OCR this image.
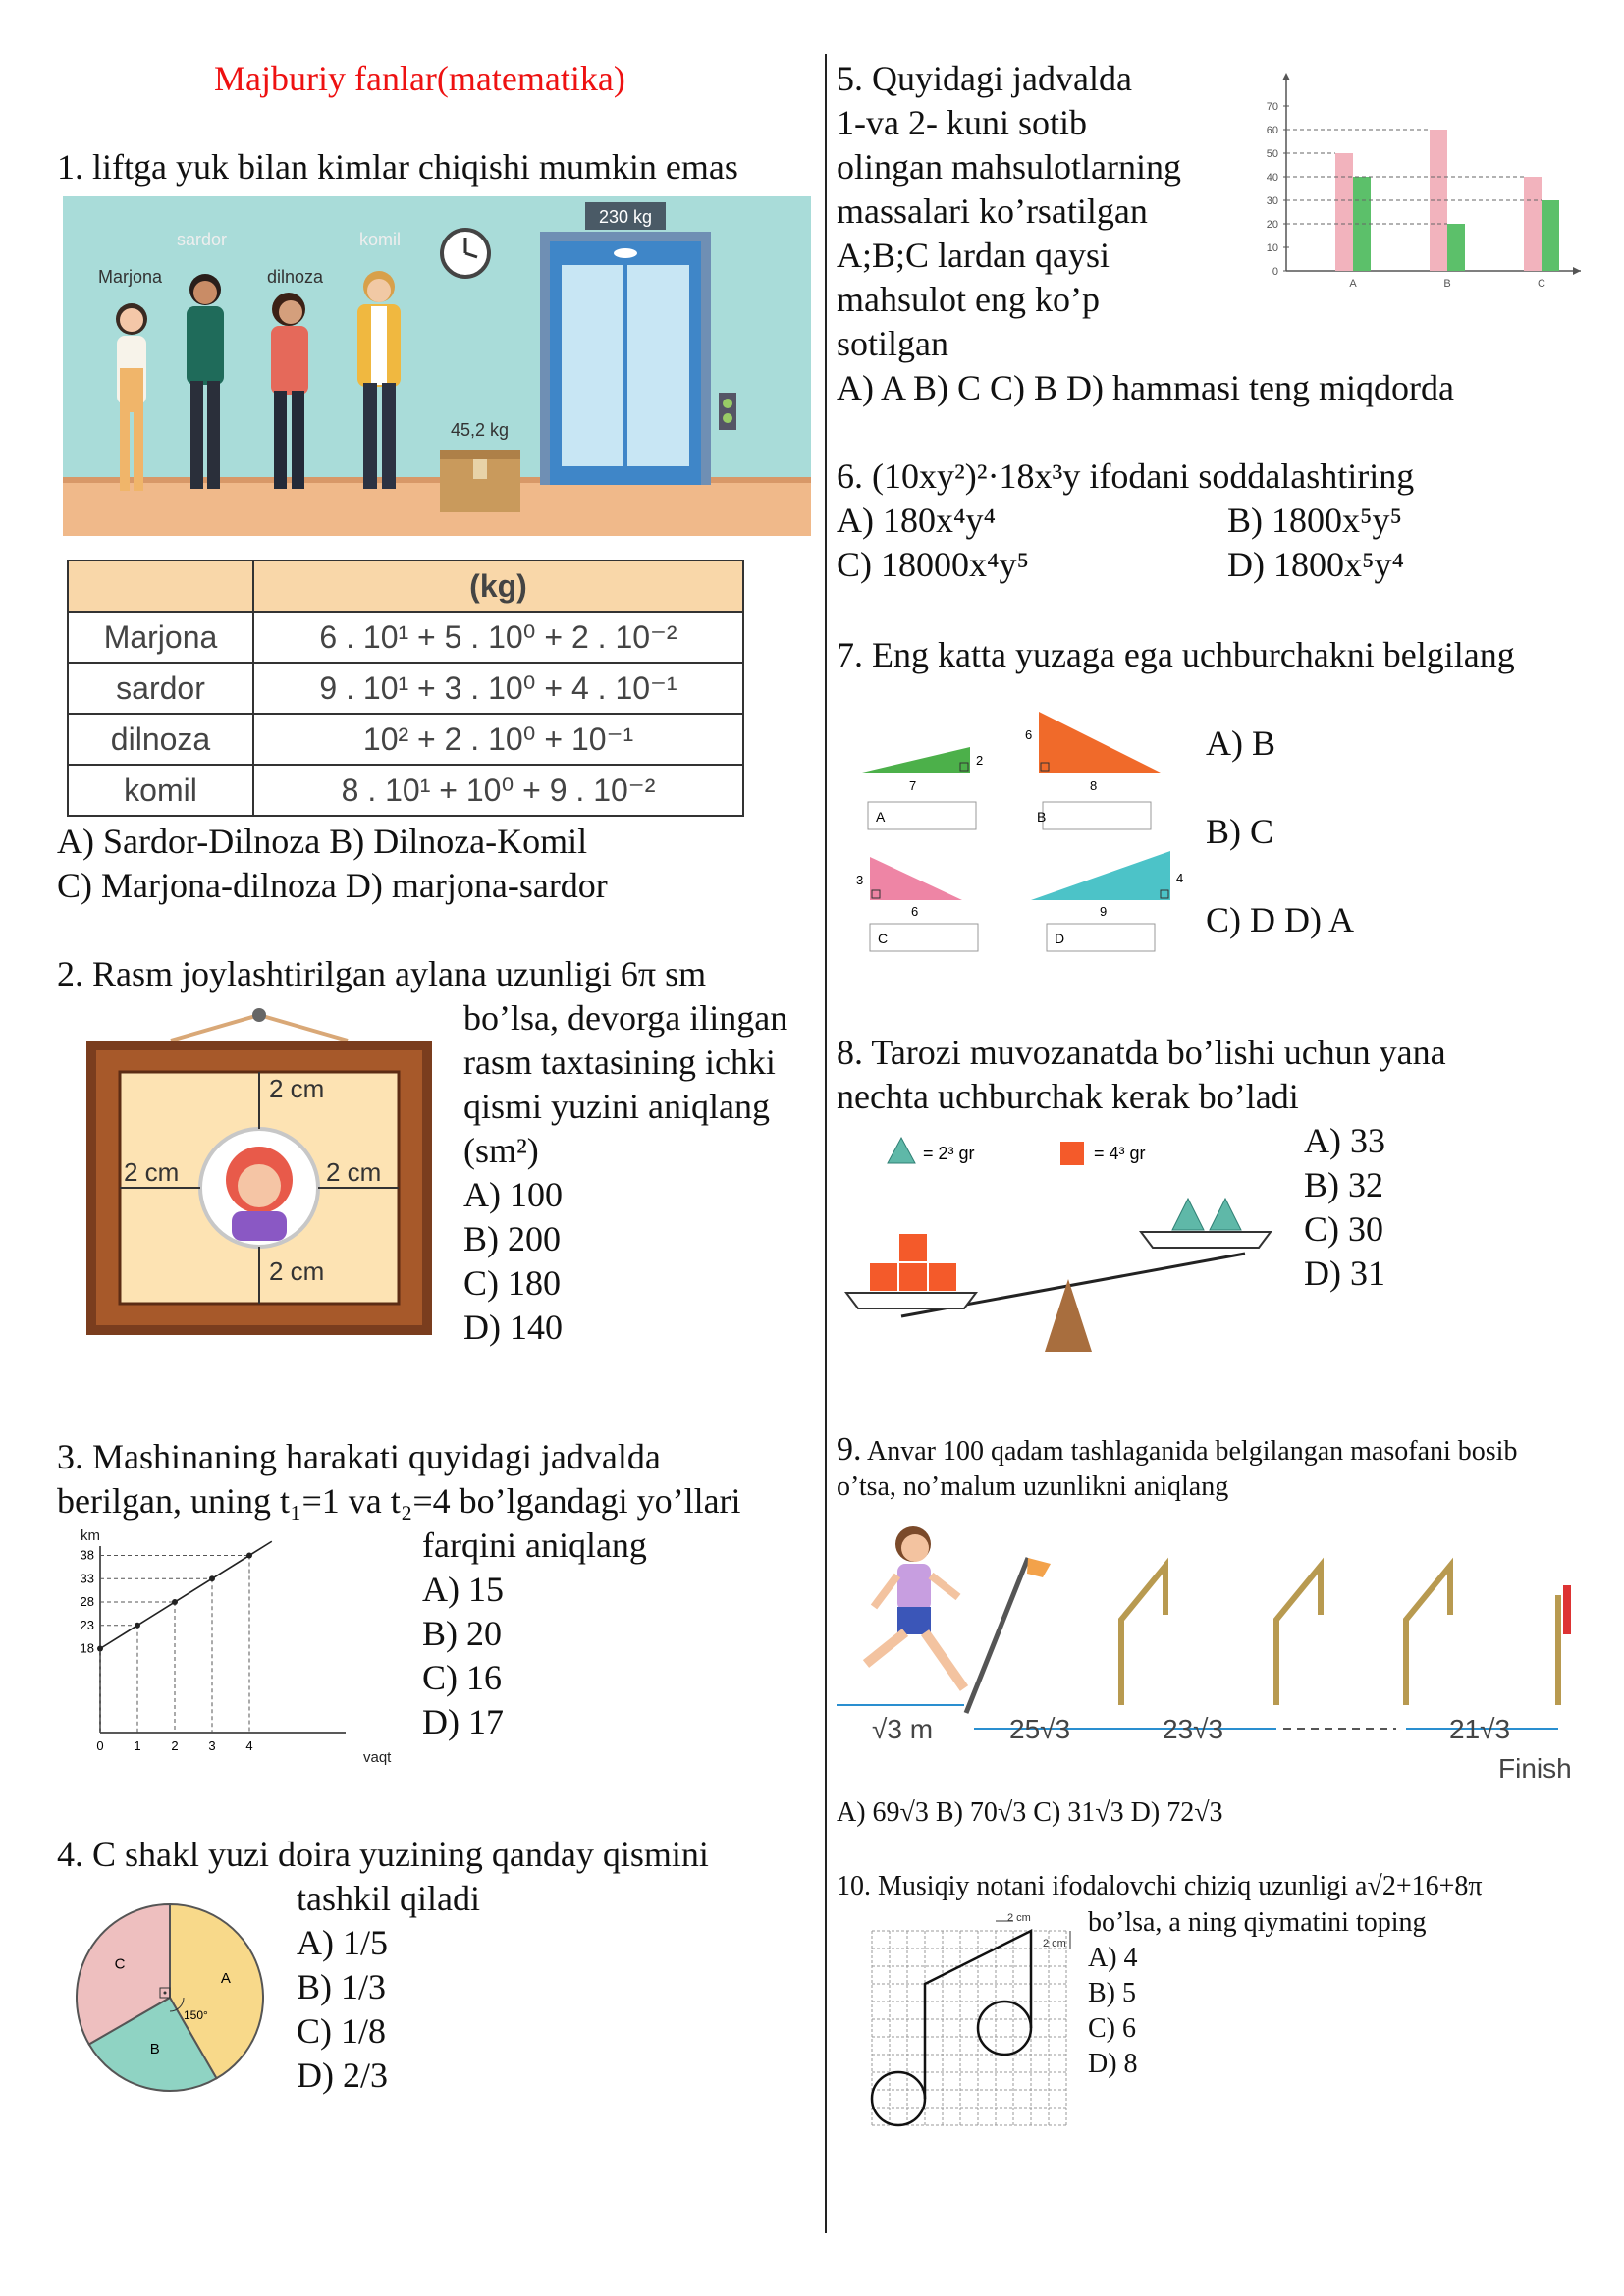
Majburiy fanlar(matematika)
1. liftga yuk bilan kimlar chiqishi mumkin emas
Marjona
sardor
dilnoza
komil
230 kg
45,2 kg
	(kg)
Marjona	6 . 10¹ + 5 . 10⁰ + 2 . 10⁻²
sardor	9 . 10¹ + 3 . 10⁰ + 4 . 10⁻¹
dilnoza	10² + 2 . 10⁰ + 10⁻¹
komil	8 . 10¹ + 10⁰ + 9 . 10⁻²
A) Sardor-Dilnoza B) Dilnoza-Komil
C) Marjona-dilnoza D) marjona-sardor
2. Rasm joylashtirilgan aylana uzunligi 6π sm
bo’lsa, devorga ilingan
rasm taxtasining ichki
qismi yuzini aniqlang
(sm²)
A) 100
B) 200
C) 180
D) 140
2 cm
2 cm
2 cm	2 cm
3. Mashinaning harakati quyidagi jadvalda
berilgan, uning t₁=1 va t₂=4 bo’lgandagi yo’llari
farqini aniqlang
A) 15
B) 20
C) 16
D) 17
km
vaqt
18
0
23
1
28
2
33
3
38
4
4. C shakl yuzi doira yuzining qanday qismini
tashkil qiladi
A) 1/5
B) 1/3
C) 1/8
D) 2/3
A
B
C
150°
5. Quyidagi jadvalda
1-va 2- kuni sotib
olingan mahsulotlarning
massalari ko’rsatilgan
A;B;C lardan qaysi
mahsulot eng ko’p
sotilgan
A) A B) C C) B D) hammasi teng miqdorda
0
10
20
30
40
50
60
70
A	B	C
6. (10xy²)²·18x³y ifodani soddalashtiring
A) 180x⁴y⁴	B) 1800x⁵y⁵
C) 18000x⁴y⁵	D) 1800x⁵y⁴
7. Eng katta yuzaga ega uchburchakni belgilang
7
2
A
6
8
B
3
6
C
4
9
D
A) B
B) C
C) D D) A
8. Tarozi muvozanatda bo’lishi uchun yana
nechta uchburchak kerak bo’ladi
A) 33
B) 32
C) 30
D) 31
= 2³ gr	= 4³ gr
9. Anvar 100 qadam tashlaganida belgilangan masofani bosib
o’tsa, no’malum uzunlikni aniqlang
√3 m	25√3	23√3	21√3
Finish
A) 69√3 B) 70√3 C) 31√3 D) 72√3
10. Musiqiy notani ifodalovchi chiziq uzunligi a√2+16+8π
bo’lsa, a ning qiymatini toping
A) 4
B) 5
C) 6
D) 8
2 cm
2 cm
